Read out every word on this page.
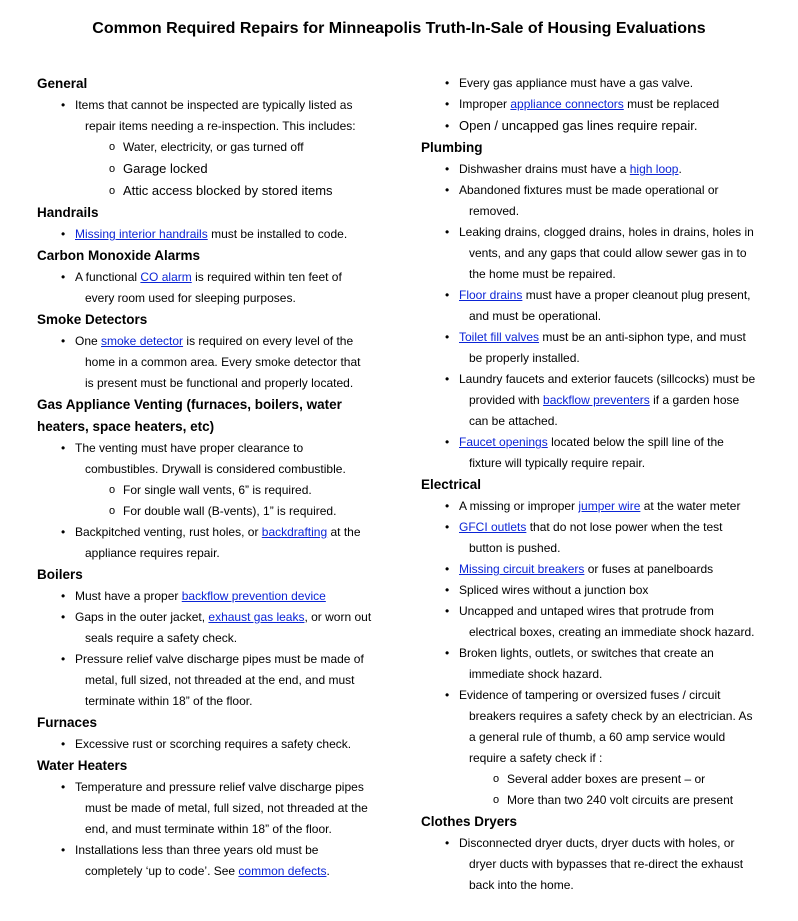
Common Required Repairs for Minneapolis Truth-In-Sale of Housing Evaluations
General
• Items that cannot be inspected are typically listed as
repair items needing a re-inspection. This includes:
o Water, electricity, or gas turned off
o Garage locked
o Attic access blocked by stored items
Handrails
• Missing interior handrails must be installed to code.
Carbon Monoxide Alarms
• A functional CO alarm is required within ten feet of
every room used for sleeping purposes.
Smoke Detectors
• One smoke detector is required on every level of the
home in a common area. Every smoke detector that
is present must be functional and properly located.
Gas Appliance Venting (furnaces, boilers, water
heaters, space heaters, etc)
• The venting must have proper clearance to
combustibles. Drywall is considered combustible.
o For single wall vents, 6” is required.
o For double wall (B-vents), 1” is required.
• Backpitched venting, rust holes, or backdrafting at the
appliance requires repair.
Boilers
• Must have a proper backflow prevention device
• Gaps in the outer jacket, exhaust gas leaks, or worn out
seals require a safety check.
• Pressure relief valve discharge pipes must be made of
metal, full sized, not threaded at the end, and must
terminate within 18” of the floor.
Furnaces
• Excessive rust or scorching requires a safety check.
Water Heaters
• Temperature and pressure relief valve discharge pipes
must be made of metal, full sized, not threaded at the
end, and must terminate within 18” of the floor.
• Installations less than three years old must be
completely ‘up to code’. See common defects.
• Every gas appliance must have a gas valve.
• Improper appliance connectors must be replaced
• Open / uncapped gas lines require repair.
Plumbing
• Dishwasher drains must have a high loop.
• Abandoned fixtures must be made operational or
removed.
• Leaking drains, clogged drains, holes in drains, holes in
vents, and any gaps that could allow sewer gas in to
the home must be repaired.
• Floor drains must have a proper cleanout plug present,
and must be operational.
• Toilet fill valves must be an anti-siphon type, and must
be properly installed.
• Laundry faucets and exterior faucets (sillcocks) must be
provided with backflow preventers if a garden hose
can be attached.
• Faucet openings located below the spill line of the
fixture will typically require repair.
Electrical
• A missing or improper jumper wire at the water meter
• GFCI outlets that do not lose power when the test
button is pushed.
• Missing circuit breakers or fuses at panelboards
• Spliced wires without a junction box
• Uncapped and untaped wires that protrude from
electrical boxes, creating an immediate shock hazard.
• Broken lights, outlets, or switches that create an
immediate shock hazard.
• Evidence of tampering or oversized fuses / circuit
breakers requires a safety check by an electrician. As
a general rule of thumb, a 60 amp service would
require a safety check if :
o Several adder boxes are present – or
o More than two 240 volt circuits are present
Clothes Dryers
• Disconnected dryer ducts, dryer ducts with holes, or
dryer ducts with bypasses that re-direct the exhaust
back into the home.
